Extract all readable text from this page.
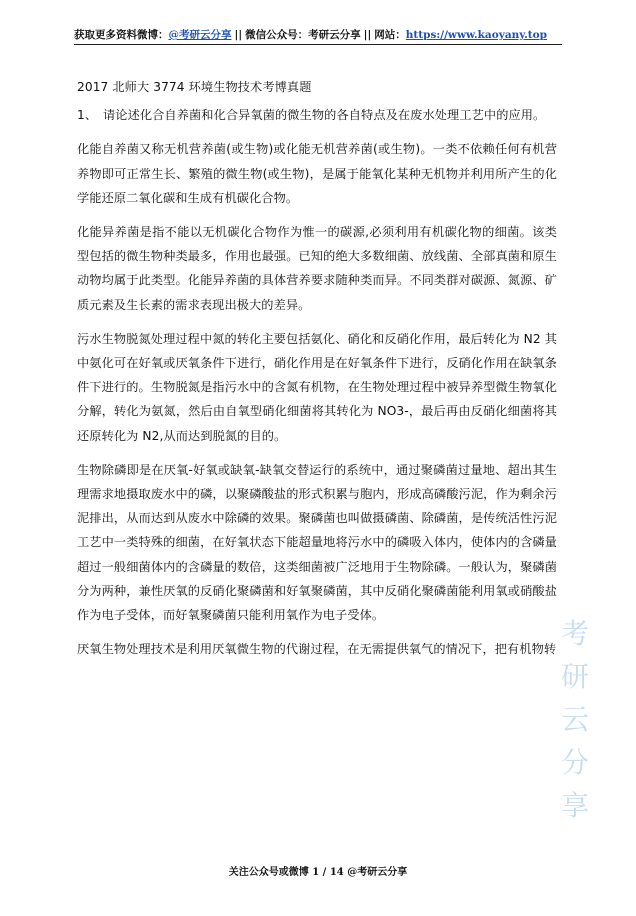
获取更多资料微博：@考研云分享 || 微信公众号：考研云分享 || 网站：https://www.kaoyany.top
2017 北师大 3774 环境生物技术考博真题
1、 请论述化合自养菌和化合异氧菌的微生物的各自特点及在废水处理工艺中的应用。
化能自养菌又称无机营养菌(或生物)或化能无机营养菌(或生物)。一类不依赖任何有机营养物即可正常生长、繁殖的微生物(或生物)，是属于能氧化某种无机物并利用所产生的化学能还原二氧化碳和生成有机碳化合物。
化能异养菌是指不能以无机碳化合物作为惟一的碳源,必须利用有机碳化物的细菌。该类型包括的微生物种类最多，作用也最强。已知的绝大多数细菌、放线菌、全部真菌和原生动物均属于此类型。化能异养菌的具体营养要求随种类而异。不同类群对碳源、氮源、矿质元素及生长素的需求表现出极大的差异。
污水生物脱氮处理过程中氮的转化主要包括氨化、硝化和反硝化作用，最后转化为 N2 其中氨化可在好氧或厌氧条件下进行，硝化作用是在好氧条件下进行，反硝化作用在缺氧条件下进行的。生物脱氮是指污水中的含氮有机物，在生物处理过程中被异养型微生物氧化分解，转化为氨氮，然后由自氧型硝化细菌将其转化为 NO3-，最后再由反硝化细菌将其还原转化为 N2,从而达到脱氮的目的。
生物除磷即是在厌氧-好氧或缺氧-缺氧交替运行的系统中，通过聚磷菌过量地、超出其生理需求地摄取废水中的磷，以聚磷酸盐的形式积累与胞内，形成高磷酸污泥，作为剩余污泥排出，从而达到从废水中除磷的效果。聚磷菌也叫做摄磷菌、除磷菌，是传统活性污泥工艺中一类特殊的细菌，在好氧状态下能超量地将污水中的磷吸入体内，使体内的含磷量超过一般细菌体内的含磷量的数倍，这类细菌被广泛地用于生物除磷。一般认为，聚磷菌分为两种，兼性厌氧的反硝化聚磷菌和好氧聚磷菌，其中反硝化聚磷菌能利用氧或硝酸盐作为电子受体，而好氧聚磷菌只能利用氧作为电子受体。
厌氧生物处理技术是利用厌氧微生物的代谢过程，在无需提供氧气的情况下，把有机物转 考研云分享
关注公众号或微博 1 / 14 @考研云分享
